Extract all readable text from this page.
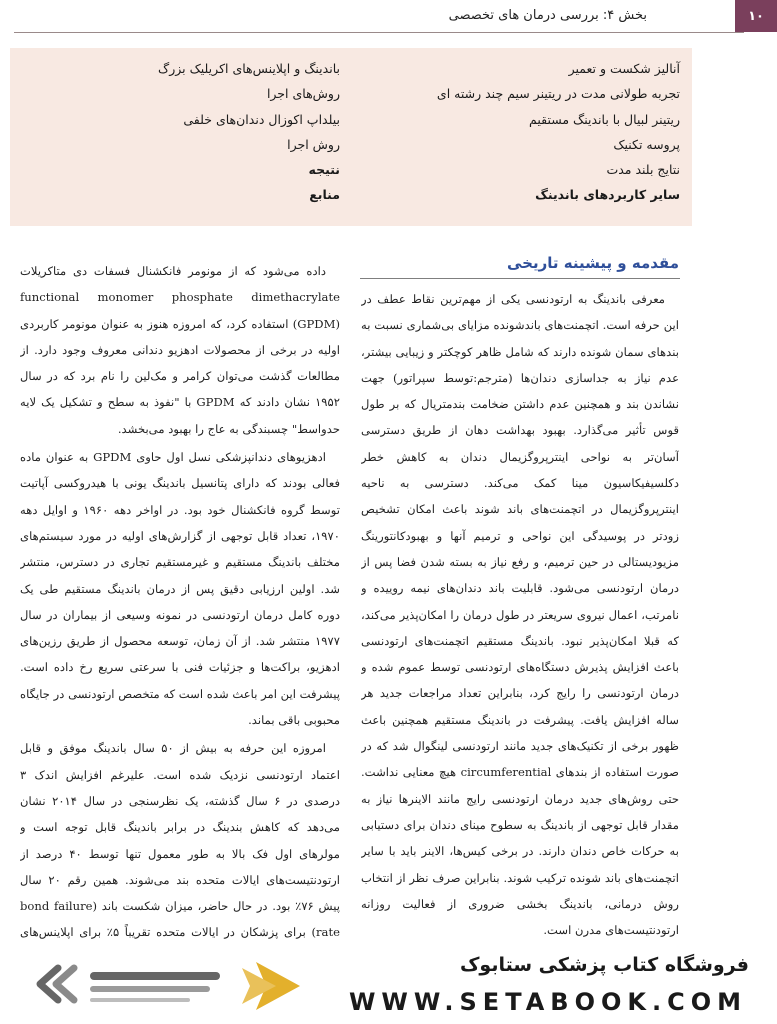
۱۰
بخش ۴: بررسی درمان های تخصصی
آنالیز شکست و تعمیر
تجربه طولانی مدت در ریتینر سیم چند رشته ای
ریتینر لبیال با باندینگ مستقیم
پروسه تکنیک
نتایج بلند مدت
سایر کاربردهای باندینگ
باندینگ و اپلاینس‌های اکریلیک بزرگ
روش‌های اجرا
بیلداپ اکوزال دندان‌های خلفی
روش اجرا
نتیجه
منابع
مقدمه و پیشینه تاریخی

معرفی باندینگ به ارتودنسی یکی از مهم‌ترین نقاط عطف در این حرفه است. اتچمنت‌های باندشونده مزایای بی‌شماری نسبت به بندهای سمان شونده دارند که شامل ظاهر کوچکتر و زیبایی بیشتر، عدم نیاز به جداسازی دندان‌ها (مترجم:توسط سپراتور) جهت نشاندن بند و همچنین عدم داشتن ضخامت بندمتریال که بر طول قوس تأثیر می‌گذارد. بهبود بهداشت دهان از طریق دسترسی آسان‌تر به نواحی اینترپروگزیمال دندان به کاهش خطر دکلسیفیکاسیون مینا کمک می‌کند. دسترسی به ناحیه اینترپروگزیمال در اتچمنت‌های باند شوند باعث امکان تشخیص زودتر در پوسیدگی این نواحی و ترمیم آنها و بهبودکانتورینگ مزیودیستالی در حین ترمیم، و رفع نیاز به بسته شدن فضا پس از درمان ارتودنسی می‌شود. قابلیت باند دندان‌های نیمه روییده و نامرتب، اعمال نیروی سریعتر در طول درمان را امکان‌پذیر می‌کند، که قبلا امکان‌پذیر نبود. باندینگ مستقیم اتچمنت‌های ارتودنسی باعث افزایش پذیرش دستگاه‌های ارتودنسی توسط عموم شده و درمان ارتودنسی را رایج کرد، بنابراین تعداد مراجعات جدید هر ساله افزایش یافت. پیشرفت در باندینگ مستقیم همچنین باعث ظهور برخی از تکنیک‌های جدید مانند ارتودنسی لینگوال شد که در صورت استفاده از بندهای circumferential هیچ معنایی نداشت. حتی روش‌های جدید درمان ارتودنسی رایج مانند الاینرها نیاز به مقدار قابل توجهی از باندینگ به سطوح مینای دندان برای دستیابی به حرکات خاص دندان دارند. در برخی کیس‌ها، الاینر باید با سایر اتچمنت‌های باند شونده ترکیب شوند. بنابراین صرف نظر از انتخاب روش درمانی، باندینگ بخشی ضروری از فعالیت روزانه ارتودنتیست‌های مدرن است.

داده می‌شود که از مونومر فانکشنال فسفات دی متاکریلات functional monomer phosphate dimethacrylate (GPDM) استفاده کرد، که امروزه هنوز به عنوان مونومر کاربردی اولیه در برخی از محصولات ادهزیو دندانی معروف وجود دارد. از مطالعات گذشت می‌توان کرامر و مک‌لین را نام برد که در سال ۱۹۵۲ نشان دادند که GPDM با "نفوذ به سطح و تشکیل یک لایه حدواسط" چسبندگی به عاج را بهبود می‌بخشد.

ادهزیوهای دندانپزشکی نسل اول حاوی GPDM به عنوان ماده فعالی بودند که دارای پتانسیل باندینگ یونی با هیدروکسی آپاتیت توسط گروه فانکشنال خود بود. در اواخر دهه ۱۹۶۰ و اوایل دهه ۱۹۷۰، تعداد قابل توجهی از گزارش‌های اولیه در مورد سیستم‌های مختلف باندینگ مستقیم و غیرمستقیم تجاری در دسترس، منتشر شد. اولین ارزیابی دقیق پس از درمان باندینگ مستقیم طی یک دوره کامل درمان ارتودنسی در نمونه وسیعی از بیماران در سال ۱۹۷۷ منتشر شد. از آن زمان، توسعه محصول از طریق رزین‌های ادهزیو، براکت‌ها و جزئیات فنی با سرعتی سریع رخ داده است. پیشرفت این امر باعث شده است که متخصص ارتودنسی در جایگاه محبوبی باقی بماند.

امروزه این حرفه به بیش از ۵۰ سال باندینگ موفق و قابل اعتماد ارتودنسی نزدیک شده است. علیرغم افزایش اندک ۳ درصدی در ۶ سال گذشته، یک نظرسنجی در سال ۲۰۱۴ نشان می‌دهد که کاهش بندینگ در برابر باندینگ قابل توجه است و مولرهای اول فک بالا به طور معمول تنها توسط ۴۰ درصد از ارتودنتیست‌های ایالات متحده بند می‌شوند. همین رقم ۲۰ سال پیش ۷۶٪ بود. در حال حاضر، میزان شکست باند (bond failure rate) برای پزشکان در ایالات متحده تقریباً ۵٪ برای اپلاینس‌های

فروشگاه کتاب پزشکی ستابوک
WWW.SETABOOK.COM
